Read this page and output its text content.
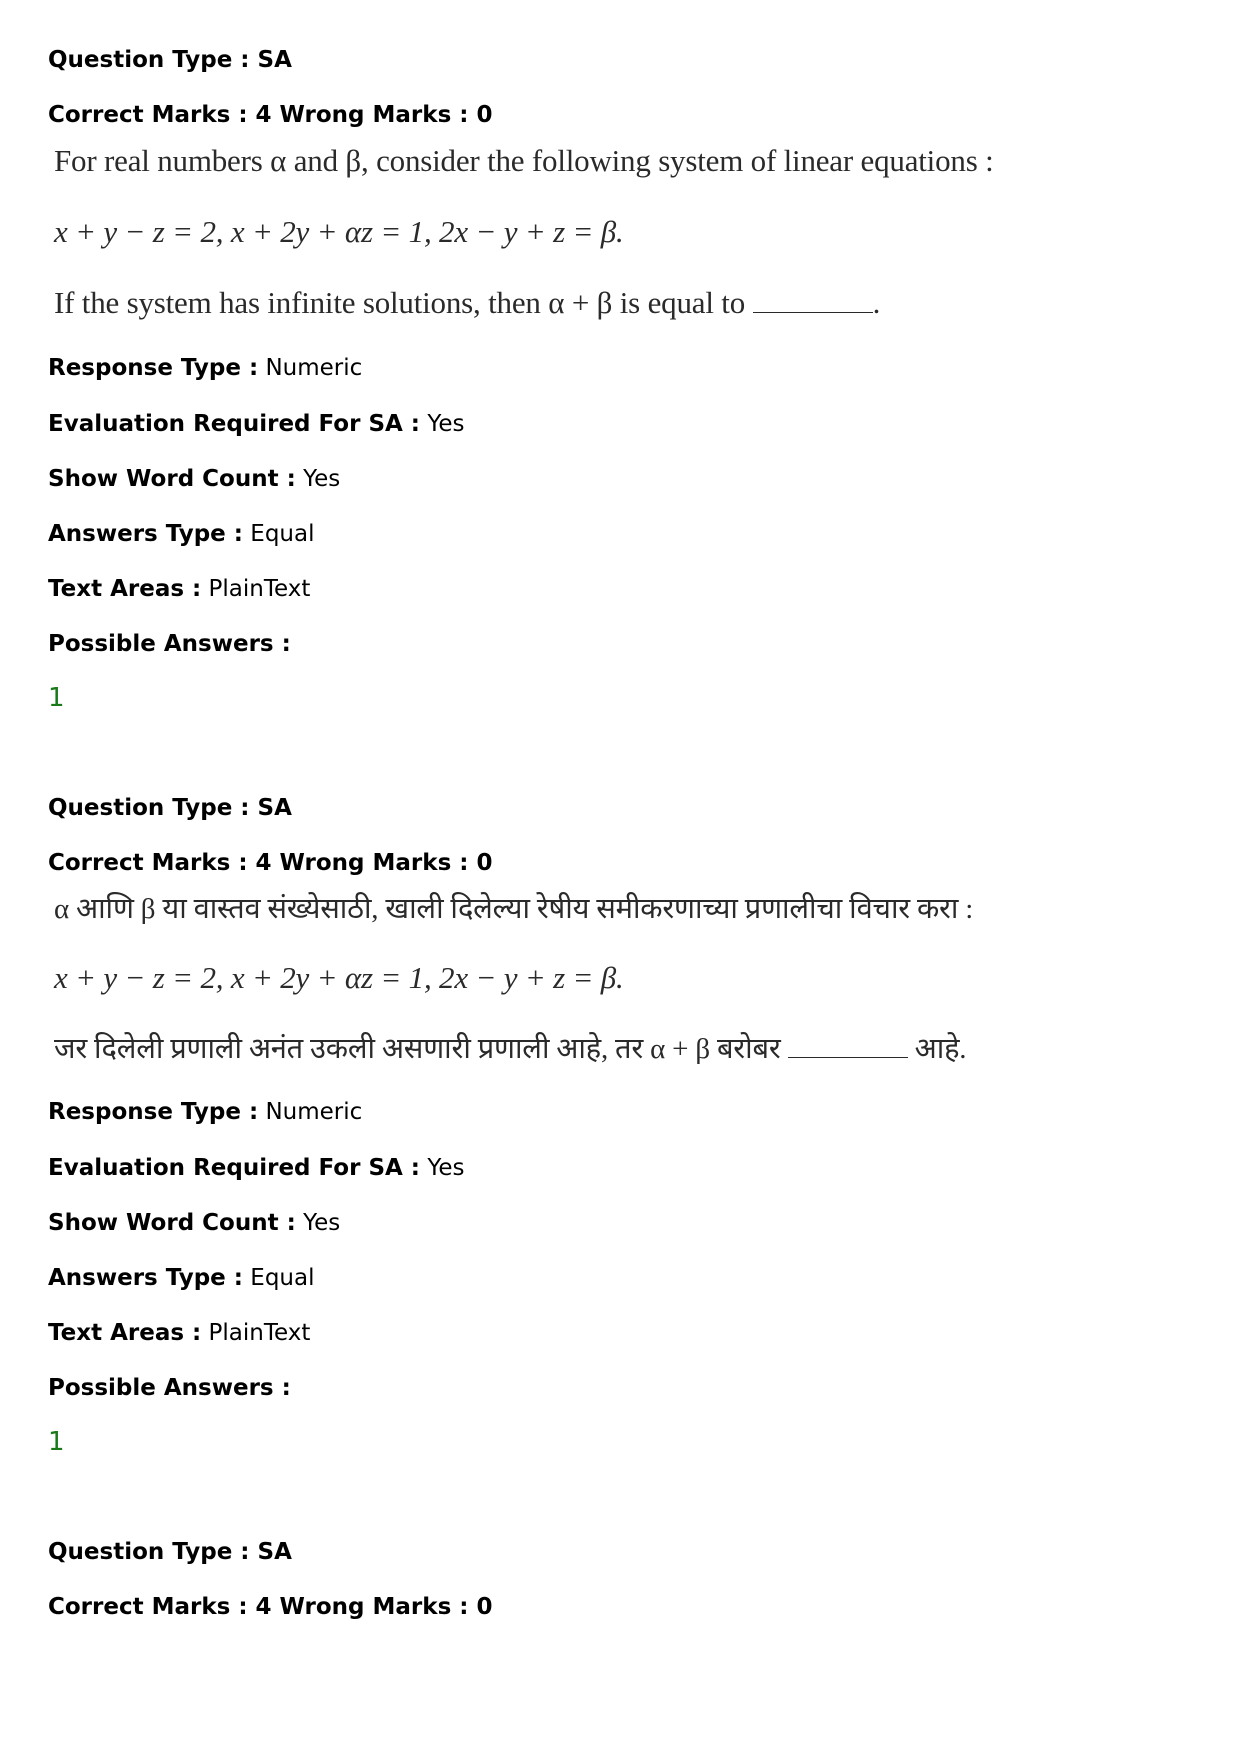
Question Type : SA

Correct Marks : 4 Wrong Marks : 0

For real numbers α and β, consider the following system of linear equations :

x + y − z = 2, x + 2y + αz = 1, 2x − y + z = β.

If the system has infinite solutions, then α + β is equal to	.

Response Type : Numeric

Evaluation Required For SA : Yes

Show Word Count : Yes

Answers Type : Equal

Text Areas : PlainText

Possible Answers :

1

Question Type : SA

Correct Marks : 4 Wrong Marks : 0

α आणि β या वास्तव संख्येसाठी, खाली दिलेल्या रेषीय समीकरणाच्या प्रणालीचा विचार करा :

x + y − z = 2, x + 2y + αz = 1, 2x − y + z = β.

जर दिलेली प्रणाली अनंत उकली असणारी प्रणाली आहे, तर α + β बरोबर	आहे.

Response Type : Numeric

Evaluation Required For SA : Yes

Show Word Count : Yes

Answers Type : Equal

Text Areas : PlainText

Possible Answers :

1

Question Type : SA

Correct Marks : 4 Wrong Marks : 0
